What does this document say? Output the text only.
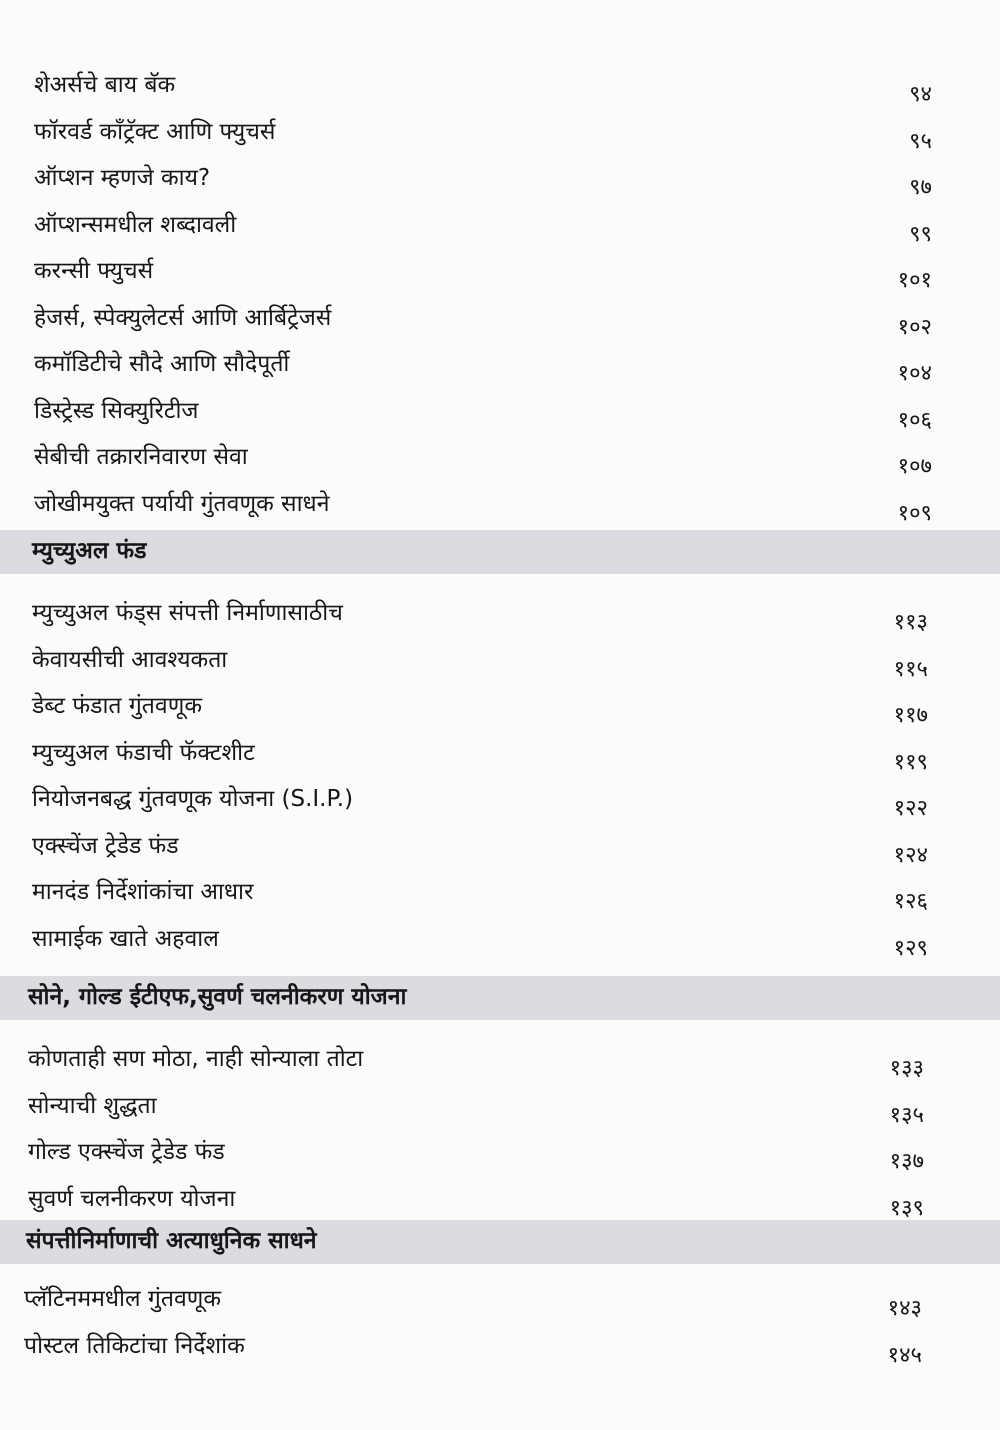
शेअर्सचे बाय बॅक	९४
फॉरवर्ड कॉंट्रॅक्ट आणि फ्युचर्स	९५
ऑप्शन म्हणजे काय?	९७
ऑप्शन्समधील शब्दावली	९९
करन्सी फ्युचर्स	१०१
हेजर्स, स्पेक्युलेटर्स आणि आर्बिट्रेजर्स	१०२
कमॉडिटीचे सौदे आणि सौदेपूर्ती	१०४
डिस्ट्रेस्ड सिक्युरिटीज	१०६
सेबीची तक्रारनिवारण सेवा	१०७
जोखीमयुक्त पर्यायी गुंतवणूक साधने	१०९
म्युच्युअल फंड
म्युच्युअल फंड्स संपत्ती निर्माणासाठीच	११३
केवायसीची आवश्यकता	११५
डेब्ट फंडात गुंतवणूक	११७
म्युच्युअल फंडाची फॅक्टशीट	११९
नियोजनबद्ध गुंतवणूक योजना (S.I.P.)	१२२
एक्स्चेंज ट्रेडेड फंड	१२४
मानदंड निर्देशांकांचा आधार	१२६
सामाईक खाते अहवाल	१२९
सोने, गोल्ड ईटीएफ,सुवर्ण चलनीकरण योजना
कोणताही सण मोठा, नाही सोन्याला तोटा	१३३
सोन्याची शुद्धता	१३५
गोल्ड एक्स्चेंज ट्रेडेड फंड	१३७
सुवर्ण चलनीकरण योजना	१३९
संपत्तीनिर्माणाची अत्याधुनिक साधने
प्लॅटिनममधील गुंतवणूक	१४३
पोस्टल तिकिटांचा निर्देशांक	१४५
